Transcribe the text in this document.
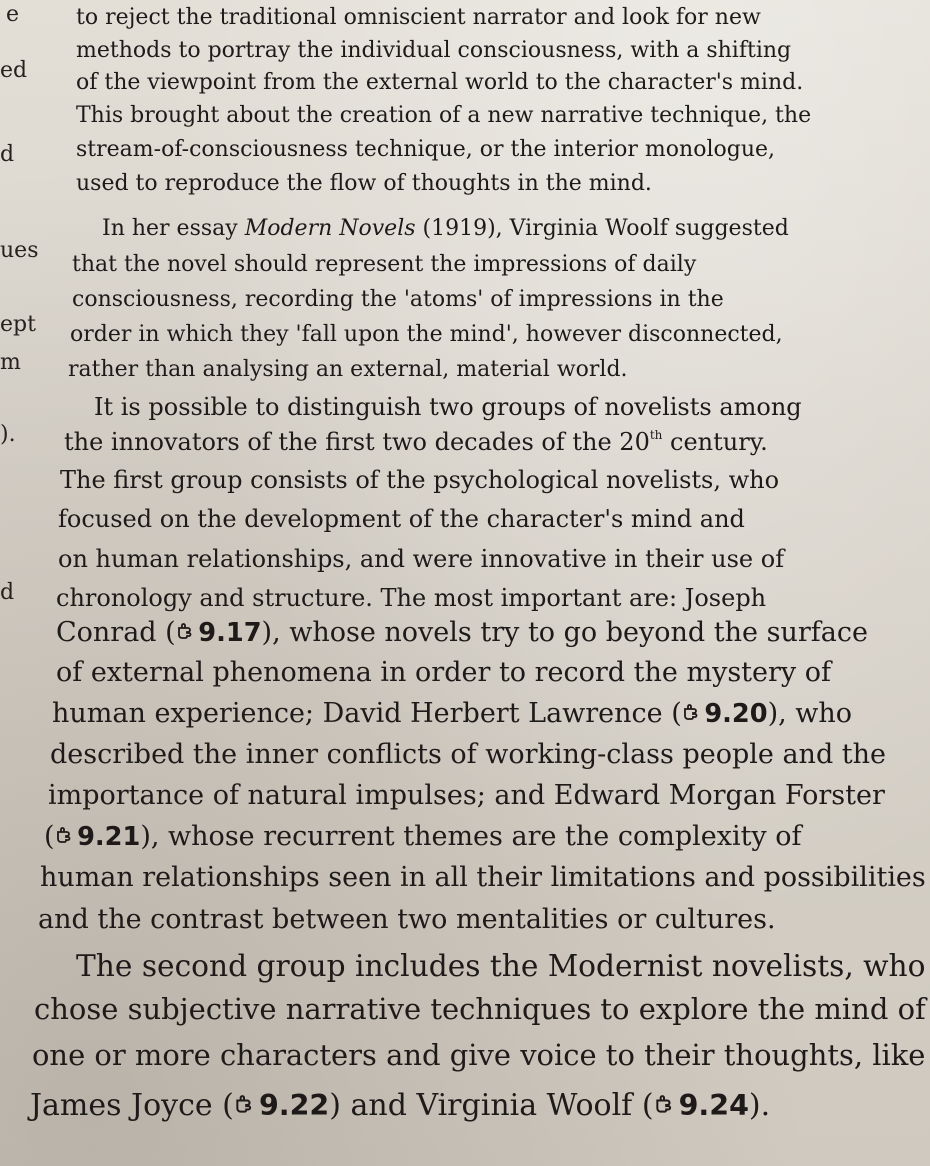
e
ed
d
ues
ept
m
).
d
to reject the traditional omniscient narrator and look for new
methods to portray the individual consciousness, with a shifting
of the viewpoint from the external world to the character's mind.
This brought about the creation of a new narrative technique, the
stream-of-consciousness technique, or the interior monologue,
used to reproduce the flow of thoughts in the mind.
In her essay Modern Novels (1919), Virginia Woolf suggested
that the novel should represent the impressions of daily
consciousness, recording the 'atoms' of impressions in the
order in which they 'fall upon the mind', however disconnected,
rather than analysing an external, material world.
It is possible to distinguish two groups of novelists among
the innovators of the first two decades of the 20th century.
The first group consists of the psychological novelists, who
focused on the development of the character's mind and
on human relationships, and were innovative in their use of
chronology and structure. The most important are: Joseph
Conrad ( 9.17), whose novels try to go beyond the surface
of external phenomena in order to record the mystery of
human experience; David Herbert Lawrence ( 9.20), who
described the inner conflicts of working-class people and the
importance of natural impulses; and Edward Morgan Forster
( 9.21), whose recurrent themes are the complexity of
human relationships seen in all their limitations and possibilities
and the contrast between two mentalities or cultures.
The second group includes the Modernist novelists, who
chose subjective narrative techniques to explore the mind of
one or more characters and give voice to their thoughts, like
James Joyce ( 9.22) and Virginia Woolf ( 9.24).
